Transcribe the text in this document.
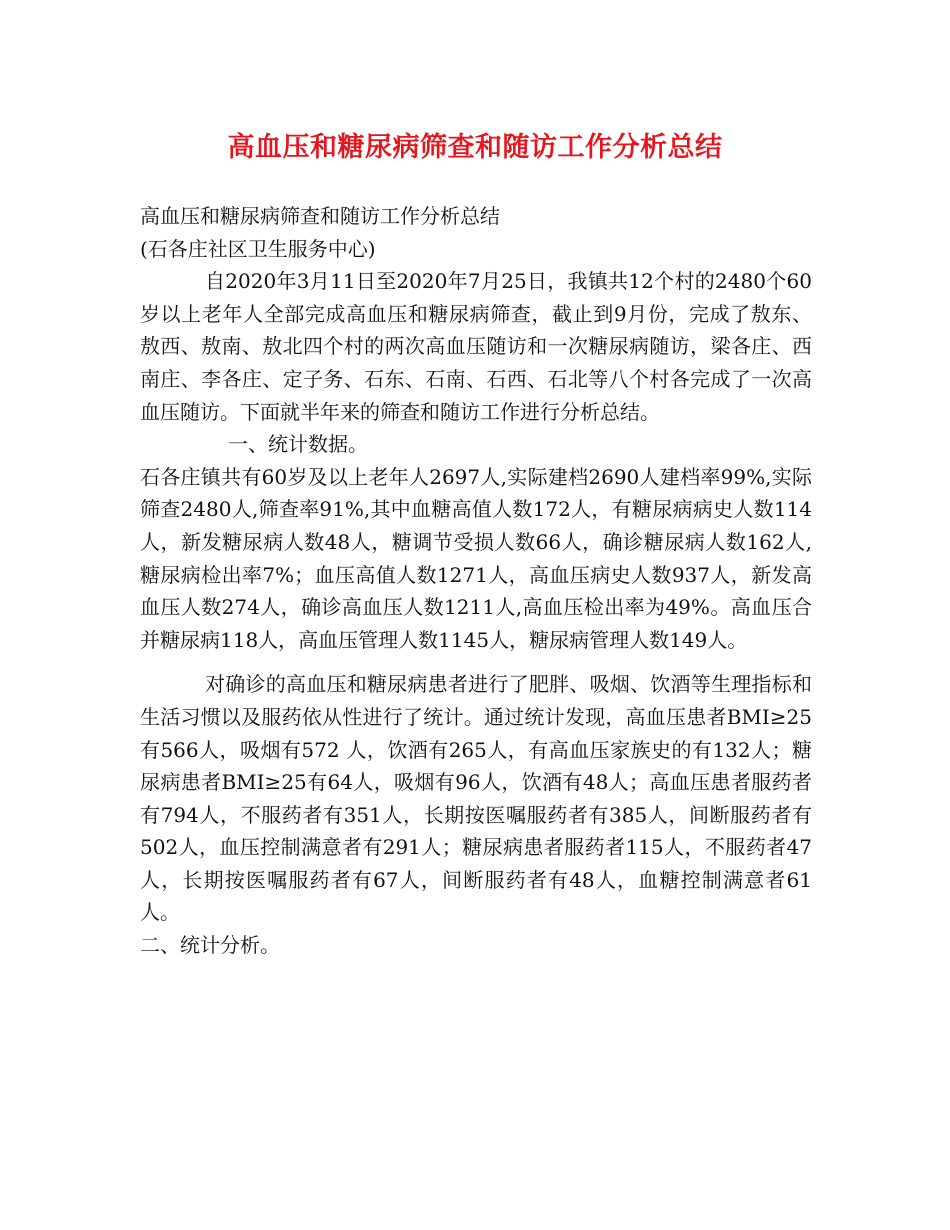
高血压和糖尿病筛查和随访工作分析总结

高血压和糖尿病筛查和随访工作分析总结

(石各庄社区卫生服务中心)

自2020年3月11日至2020年7月25日，我镇共12个村的2480个60岁以上老年人全部完成高血压和糖尿病筛查，截止到9月份，完成了敖东、敖西、敖南、敖北四个村的两次高血压随访和一次糖尿病随访，梁各庄、西南庄、李各庄、定子务、石东、石南、石西、石北等八个村各完成了一次高血压随访。下面就半年来的筛查和随访工作进行分析总结。

一、统计数据。

石各庄镇共有60岁及以上老年人2697人,实际建档2690人建档率99%,实际筛查2480人,筛查率91%,其中血糖高值人数172人，有糖尿病病史人数114人，新发糖尿病人数48人，糖调节受损人数66人，确诊糖尿病人数162人,糖尿病检出率7%；血压高值人数1271人，高血压病史人数937人，新发高血压人数274人，确诊高血压人数1211人,高血压检出率为49%。高血压合并糖尿病118人，高血压管理人数1145人，糖尿病管理人数149人。

对确诊的高血压和糖尿病患者进行了肥胖、吸烟、饮酒等生理指标和生活习惯以及服药依从性进行了统计。通过统计发现，高血压患者BMI≥25有566人，吸烟有572 人，饮酒有265人，有高血压家族史的有132人；糖尿病患者BMI≥25有64人，吸烟有96人，饮酒有48人；高血压患者服药者有794人，不服药者有351人，长期按医嘱服药者有385人，间断服药者有502人，血压控制满意者有291人；糖尿病患者服药者115人，不服药者47人，长期按医嘱服药者有67人，间断服药者有48人，血糖控制满意者61人。

二、统计分析。
